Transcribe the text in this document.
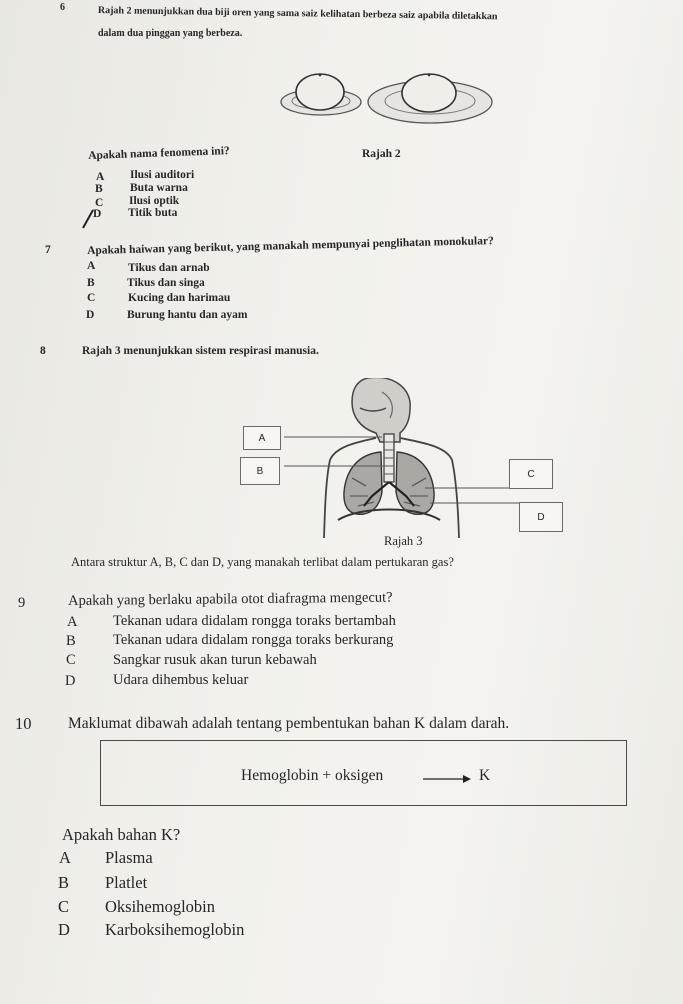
6	Rajah 2 menunjukkan dua biji oren yang sama saiz kelihatan berbeza saiz apabila diletakkan
dalam dua pinggan yang berbeza.
Apakah nama fenomena ini?	Rajah 2
A Ilusi auditori
B Buta warna
C Ilusi optik
D Titik buta
7	Apakah haiwan yang berikut, yang manakah mempunyai penglihatan monokular?
A	Tikus dan arnab
B	Tikus dan singa
C	Kucing dan harimau
D	Burung hantu dan ayam
8	Rajah 3 menunjukkan sistem respirasi manusia.
A
B	C
D
Rajah 3
Antara struktur A, B, C dan D, yang manakah terlibat dalam pertukaran gas?
9	Apakah yang berlaku apabila otot diafragma mengecut?
A Tekanan udara didalam rongga toraks bertambah
B	Tekanan udara didalam rongga toraks berkurang
C	Sangkar rusuk akan turun kebawah
D	Udara dihembus keluar
10 Maklumat dibawah adalah tentang pembentukan bahan K dalam darah.
Hemoglobin + oksigen	K
Apakah bahan K?
A Plasma
B Platlet
C Oksihemoglobin
D Karboksihemoglobin
